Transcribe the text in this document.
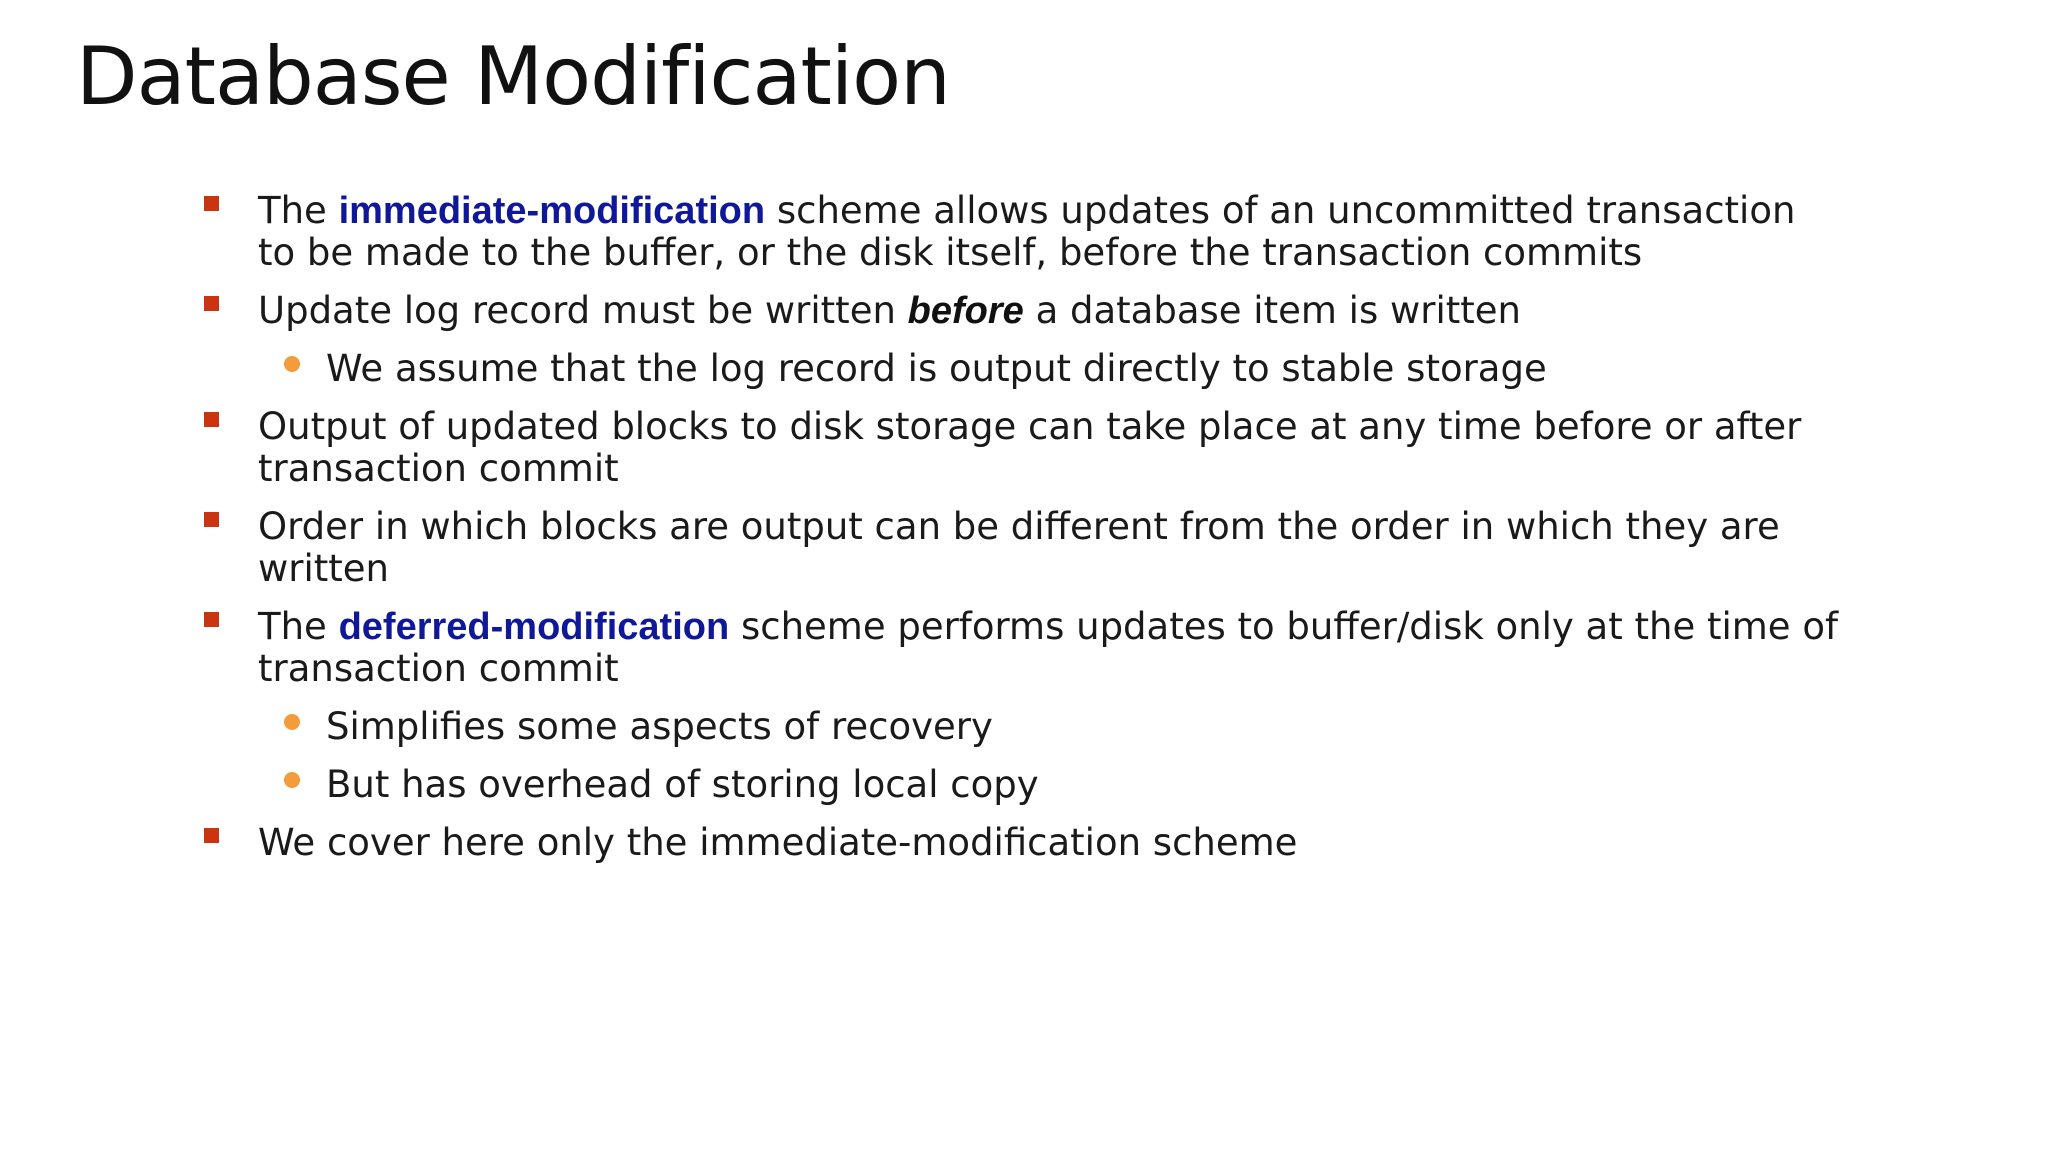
Database Modification
The immediate-modification scheme allows updates of an uncommitted transaction to be made to the buffer, or the disk itself, before the transaction commits
Update log record must be written before a database item is written
We assume that the log record is output directly to stable storage
Output of updated blocks to disk storage can take place at any time before or after transaction commit
Order in which blocks are output can be different from the order in which they are written
The deferred-modification scheme performs updates to buffer/disk only at the time of transaction commit
Simplifies some aspects of recovery
But has overhead of storing local copy
We cover here only the immediate-modification scheme
